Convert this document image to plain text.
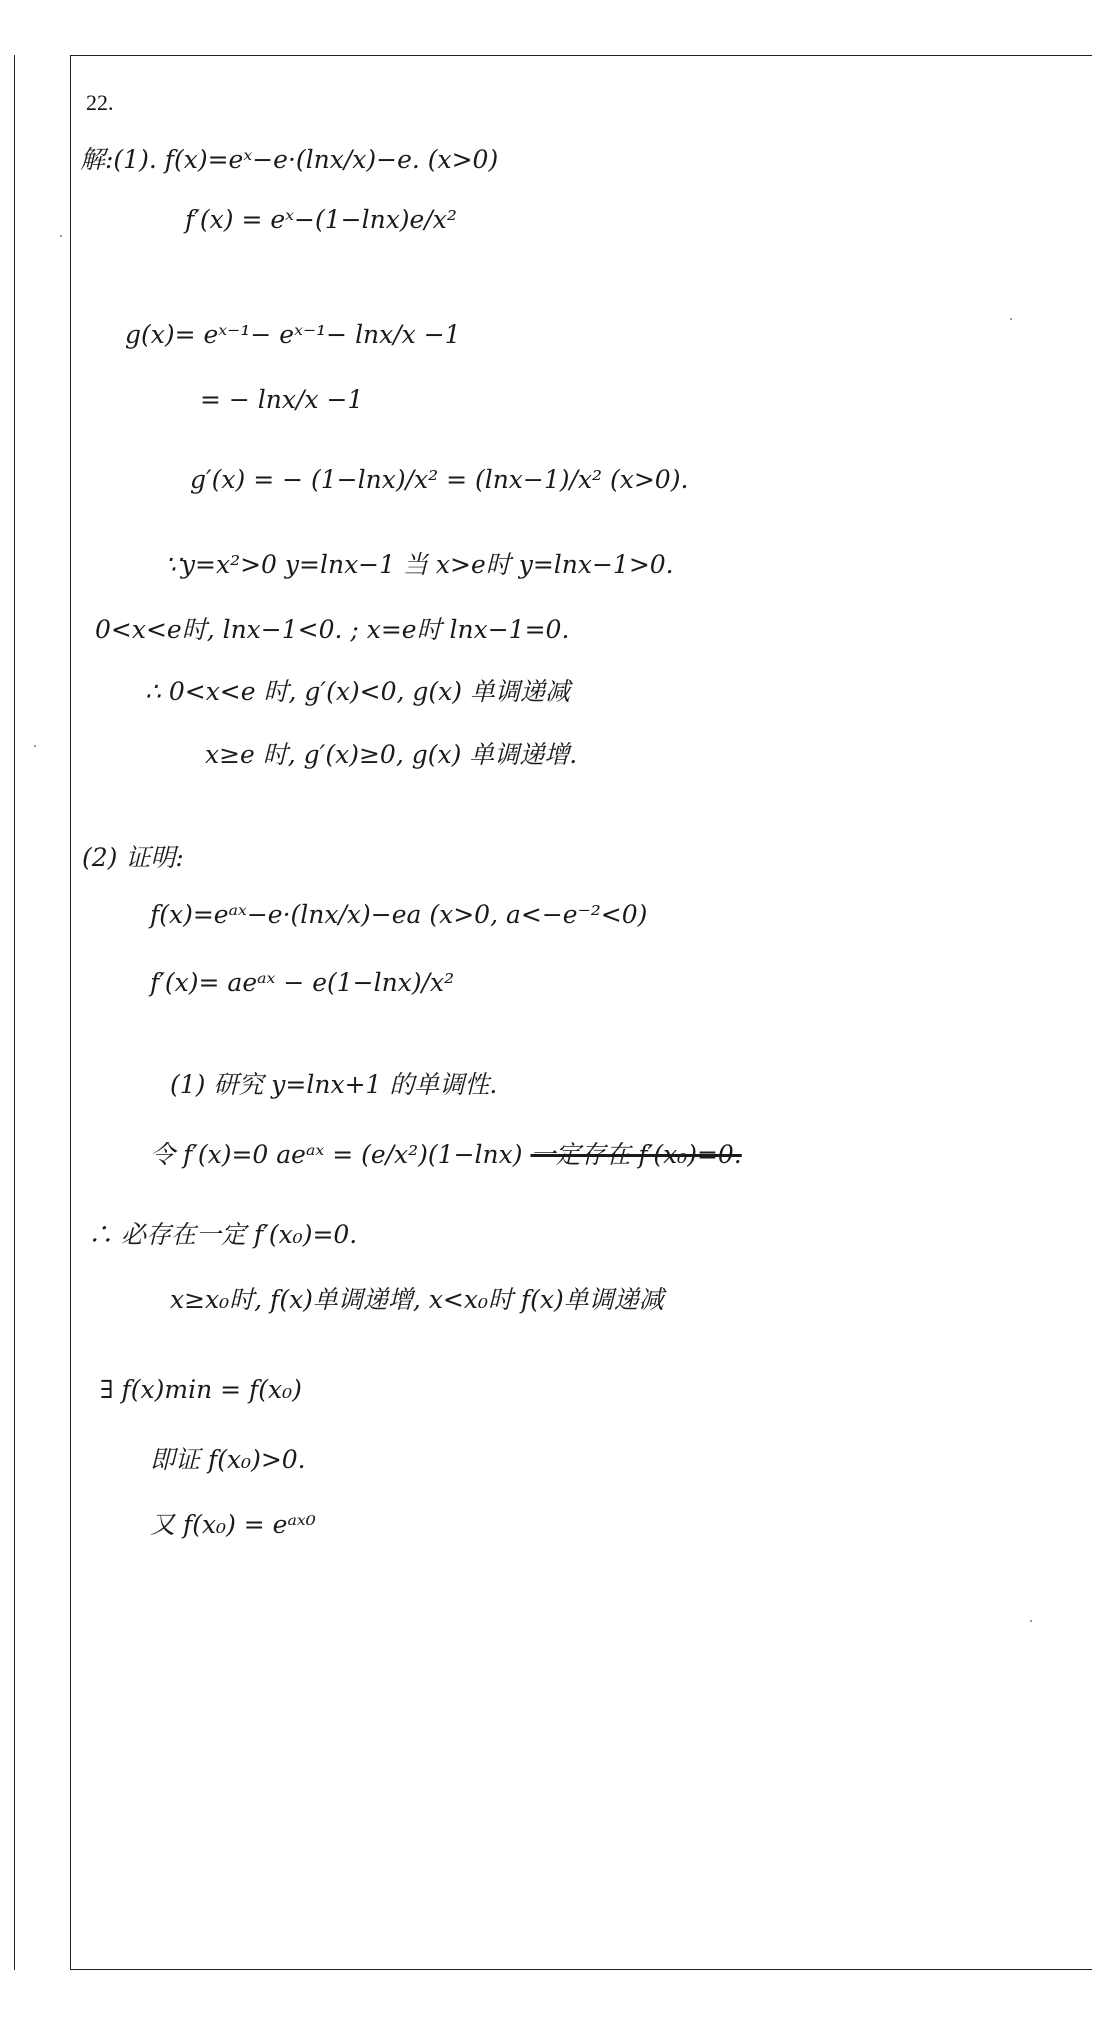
22.
解:(1). f(x)=eˣ−e·(lnx/x)−e. (x>0)
f′(x) = eˣ−(1−lnx)e/x²
g(x)= eˣ⁻¹− eˣ⁻¹− lnx/x −1
= − lnx/x −1
g′(x) = − (1−lnx)/x² = (lnx−1)/x² (x>0).
∵y=x²>0 y=lnx−1 当 x>e时 y=lnx−1>0.
0<x<e时, lnx−1<0. ; x=e时 lnx−1=0.
∴ 0<x<e 时, g′(x)<0, g(x) 单调递减
x≥e 时, g′(x)≥0, g(x) 单调递增.
(2) 证明:
f(x)=eᵃˣ−e·(lnx/x)−ea (x>0, a<−e⁻²<0)
f′(x)= aeᵃˣ − e(1−lnx)/x²
(1) 研究 y=lnx+1 的单调性.
令 f′(x)=0 aeᵃˣ = (e/x²)(1−lnx) 一定存在 f′(x₀)=0.
∴ 必存在一定 f′(x₀)=0.
x≥x₀时, f(x)单调递增, x<x₀时 f(x)单调递减
∃ f(x)min = f(x₀)
即证 f(x₀)>0.
又 f(x₀) = eᵃˣ⁰
